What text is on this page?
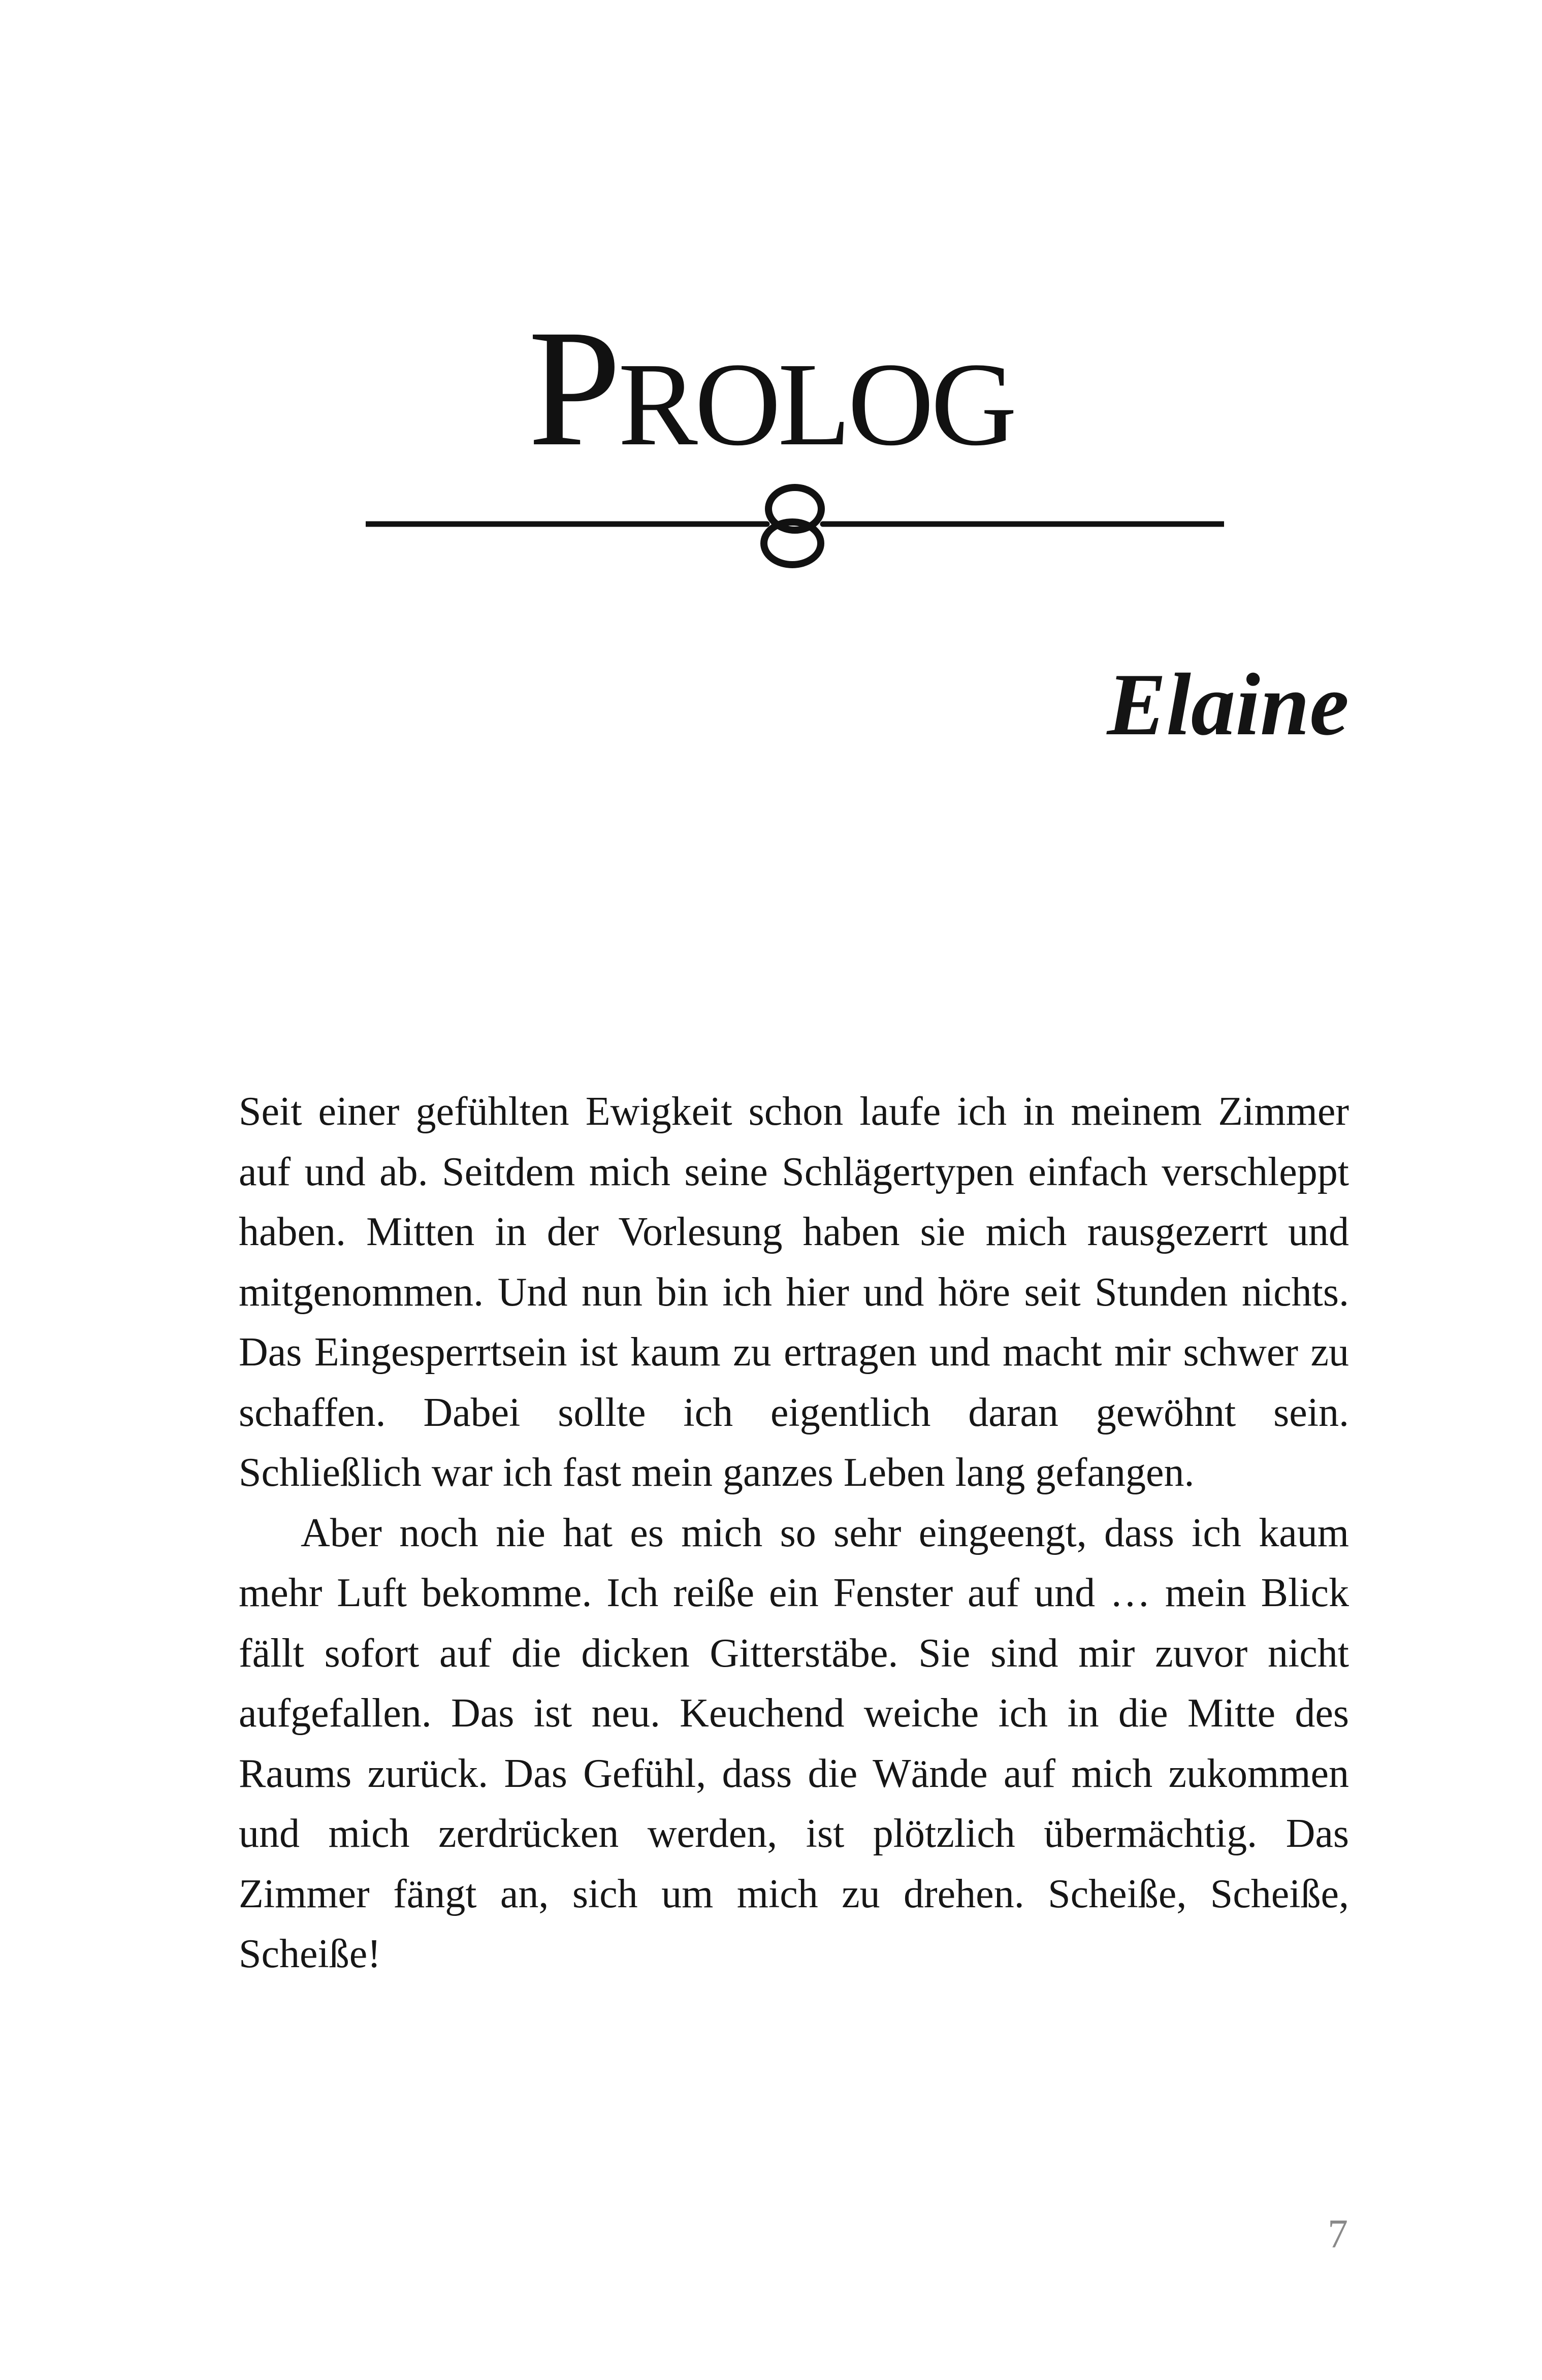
PROLOG
Elaine

Seit einer gefühlten Ewigkeit schon laufe ich in meinem Zimmer auf und ab. Seitdem mich seine Schlägertypen einfach verschleppt haben. Mitten in der Vorlesung haben sie mich rausgezerrt und mitgenommen. Und nun bin ich hier und höre seit Stunden nichts. Das Eingesperrtsein ist kaum zu ertragen und macht mir schwer zu schaffen. Dabei sollte ich eigentlich daran gewöhnt sein. Schließlich war ich fast mein ganzes Leben lang gefangen.

Aber noch nie hat es mich so sehr eingeengt, dass ich kaum mehr Luft bekomme. Ich reiße ein Fenster auf und … mein Blick fällt sofort auf die dicken Gitterstäbe. Sie sind mir zuvor nicht aufgefallen. Das ist neu. Keuchend weiche ich in die Mitte des Raums zurück. Das Gefühl, dass die Wände auf mich zukommen und mich zerdrücken werden, ist plötzlich übermächtig. Das Zimmer fängt an, sich um mich zu drehen. Scheiße, Scheiße, Scheiße!

7
